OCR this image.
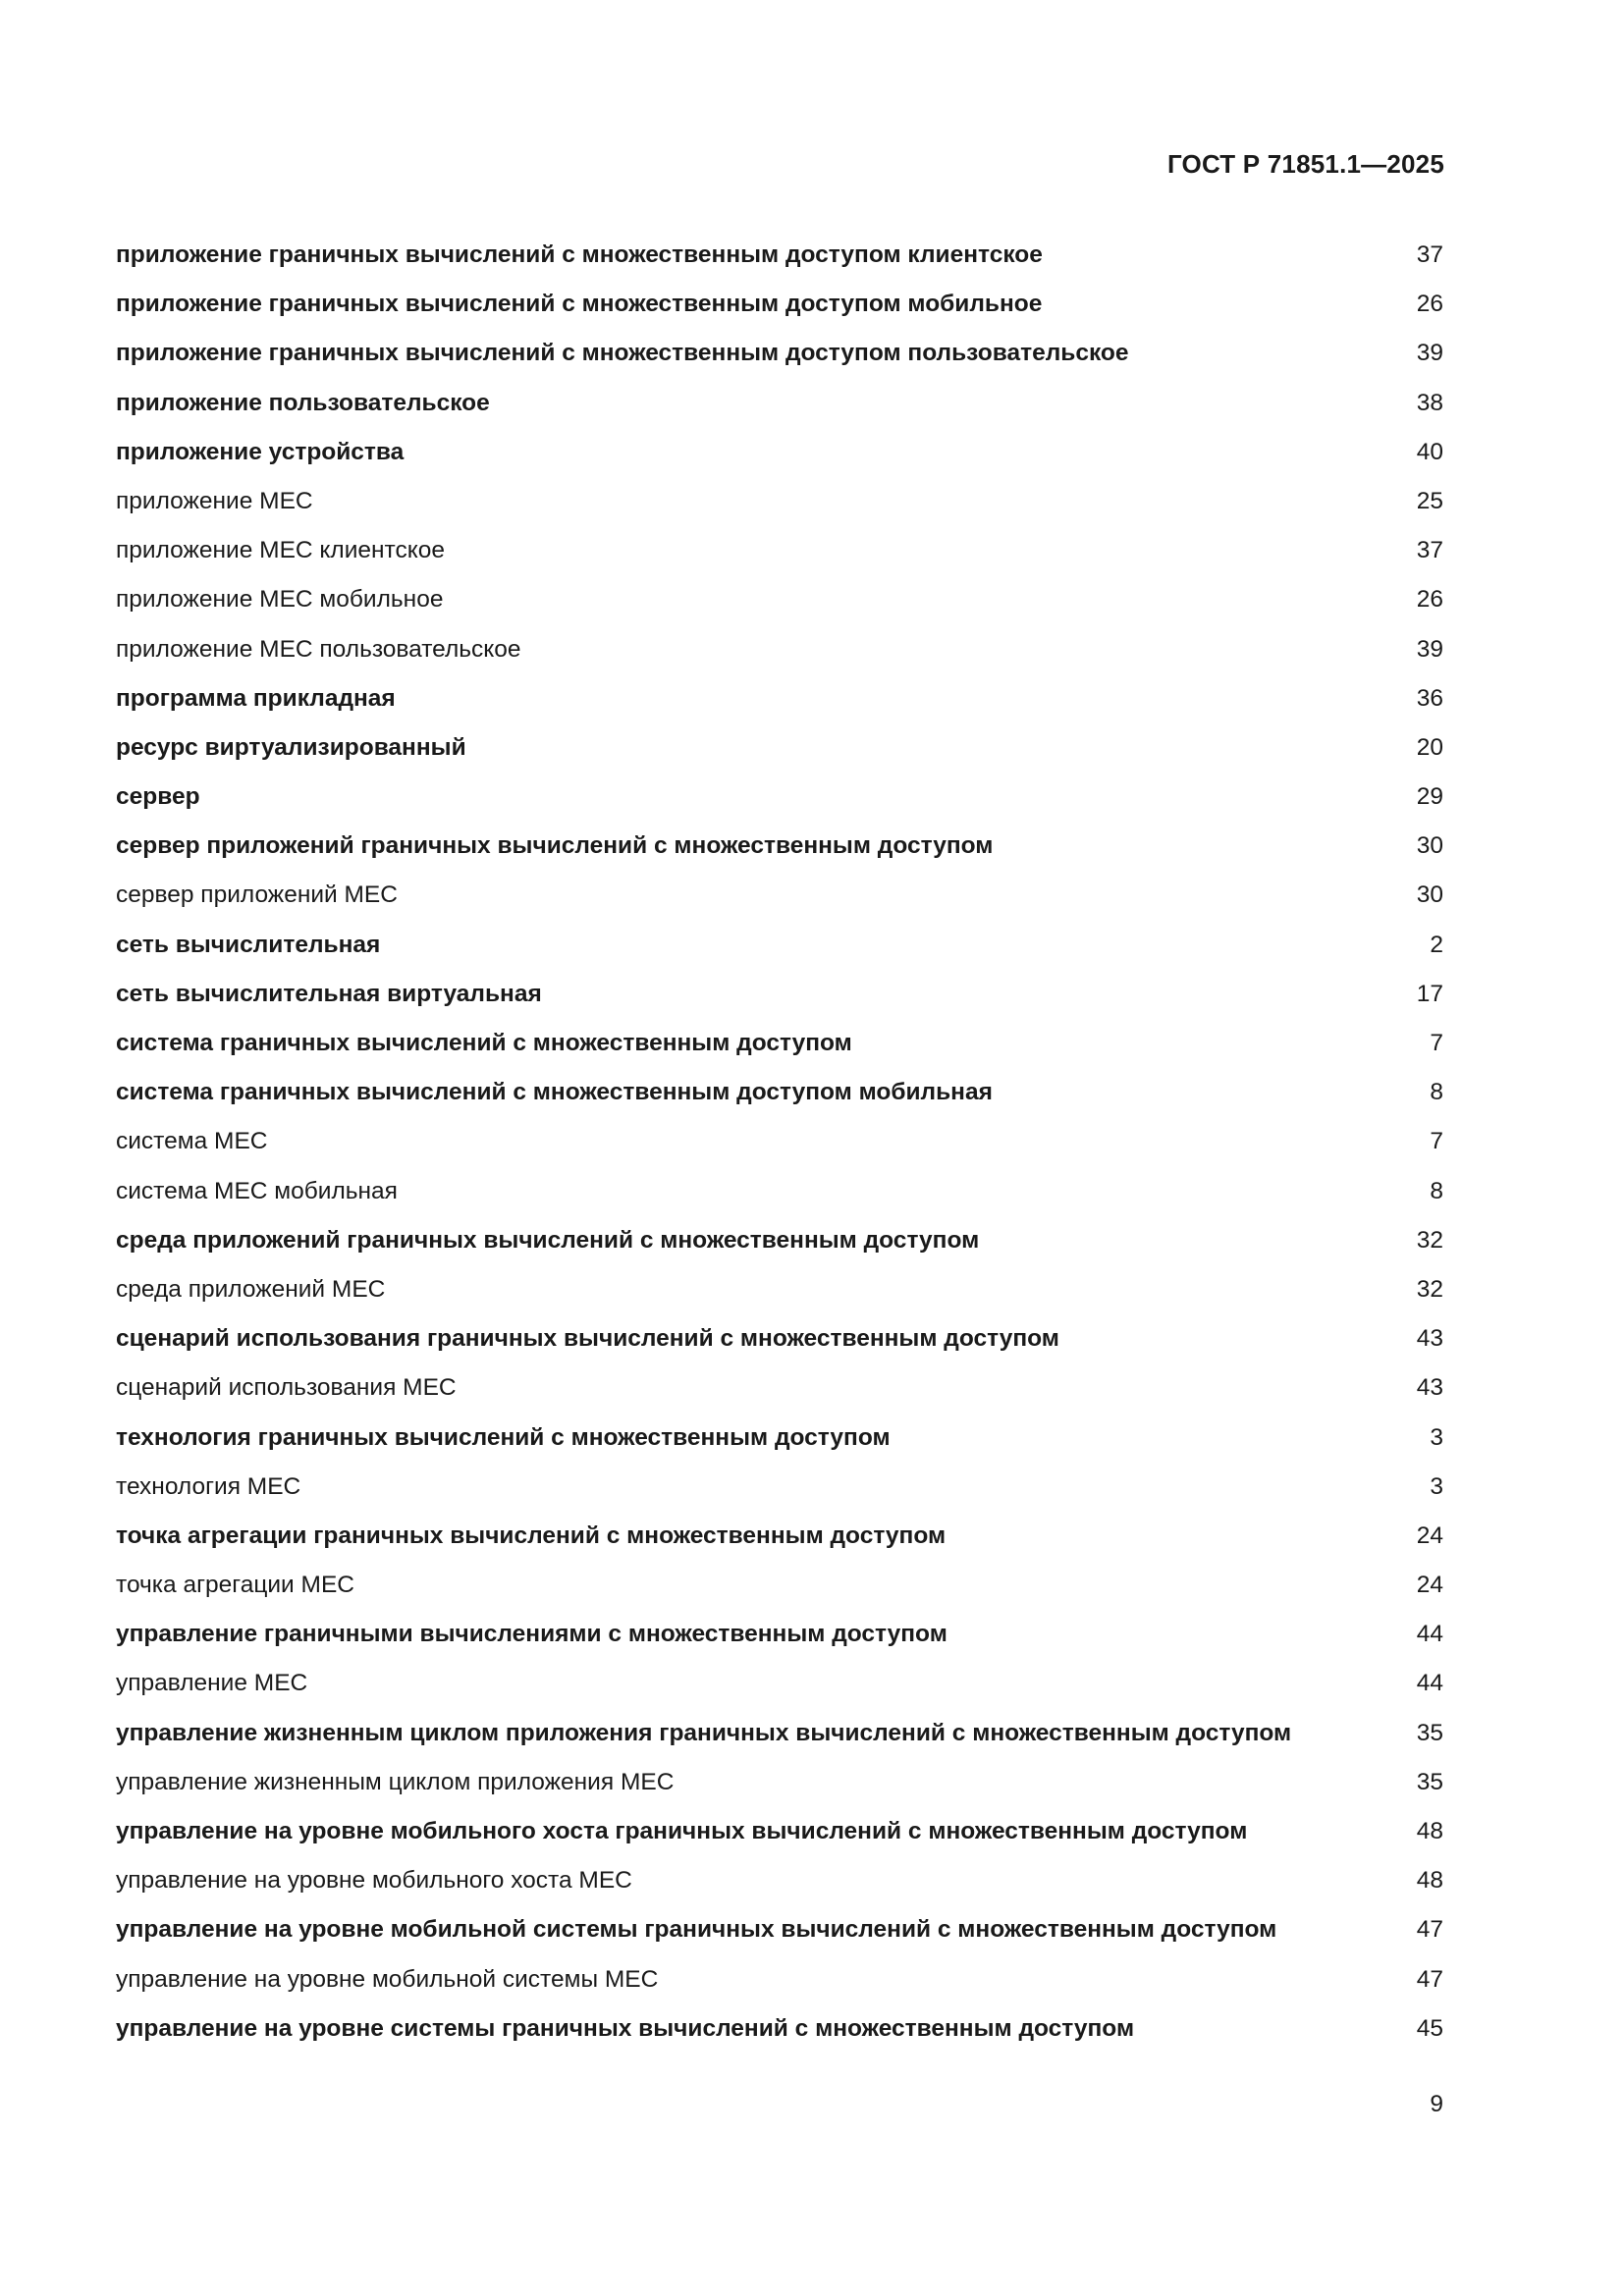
ГОСТ Р 71851.1—2025
приложение граничных вычислений с множественным доступом клиентское	37
приложение граничных вычислений с множественным доступом мобильное	26
приложение граничных вычислений с множественным доступом пользовательское	39
приложение пользовательское	38
приложение устройства	40
приложение МЕС	25
приложение МЕС клиентское	37
приложение МЕС мобильное	26
приложение МЕС пользовательское	39
программа прикладная	36
ресурс виртуализированный	20
сервер	29
сервер приложений граничных вычислений с множественным доступом	30
сервер приложений МЕС	30
сеть вычислительная	2
сеть вычислительная виртуальная	17
система граничных вычислений с множественным доступом	7
система граничных вычислений с множественным доступом мобильная	8
система МЕС	7
система МЕС мобильная	8
среда приложений граничных вычислений с множественным доступом	32
среда приложений МЕС	32
сценарий использования граничных вычислений с множественным доступом	43
сценарий использования МЕС	43
технология граничных вычислений с множественным доступом	3
технология МЕС	3
точка агрегации граничных вычислений с множественным доступом	24
точка агрегации МЕС	24
управление граничными вычислениями с множественным доступом	44
управление МЕС	44
управление жизненным циклом приложения граничных вычислений с множественным доступом	35
управление жизненным циклом приложения МЕС	35
управление на уровне мобильного хоста граничных вычислений с множественным доступом	48
управление на уровне мобильного хоста МЕС	48
управление на уровне мобильной системы граничных вычислений с множественным доступом	47
управление на уровне мобильной системы МЕС	47
управление на уровне системы граничных вычислений с множественным доступом	45
9
